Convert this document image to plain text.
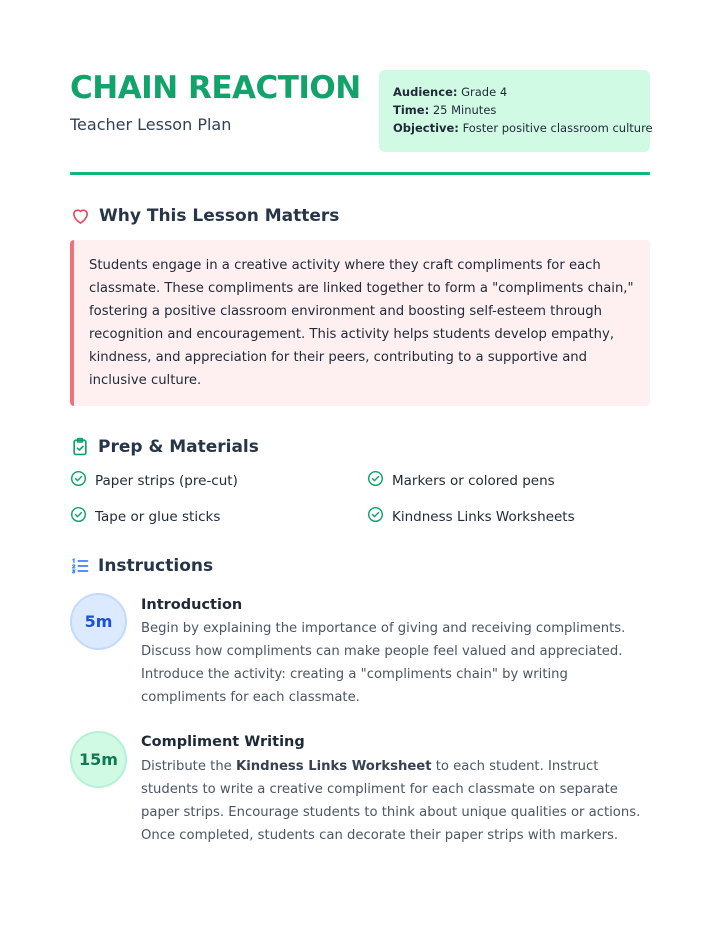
CHAIN REACTION
Teacher Lesson Plan
Audience: Grade 4
Time: 25 Minutes
Objective: Foster positive classroom culture
Why This Lesson Matters

Students engage in a creative activity where they craft compliments for each classmate. These compliments are linked together to form a "compliments chain," fostering a positive classroom environment and boosting self-esteem through recognition and encouragement. This activity helps students develop empathy, kindness, and appreciation for their peers, contributing to a supportive and inclusive culture.

Prep & Materials
Paper strips (pre-cut)	Markers or colored pens
Tape or glue sticks	Kindness Links Worksheets
Instructions
5m
Introduction

Begin by explaining the importance of giving and receiving compliments. Discuss how compliments can make people feel valued and appreciated. Introduce the activity: creating a "compliments chain" by writing compliments for each classmate.

15m
Compliment Writing

Distribute the Kindness Links Worksheet to each student. Instruct students to write a creative compliment for each classmate on separate paper strips. Encourage students to think about unique qualities or actions. Once completed, students can decorate their paper strips with markers.
